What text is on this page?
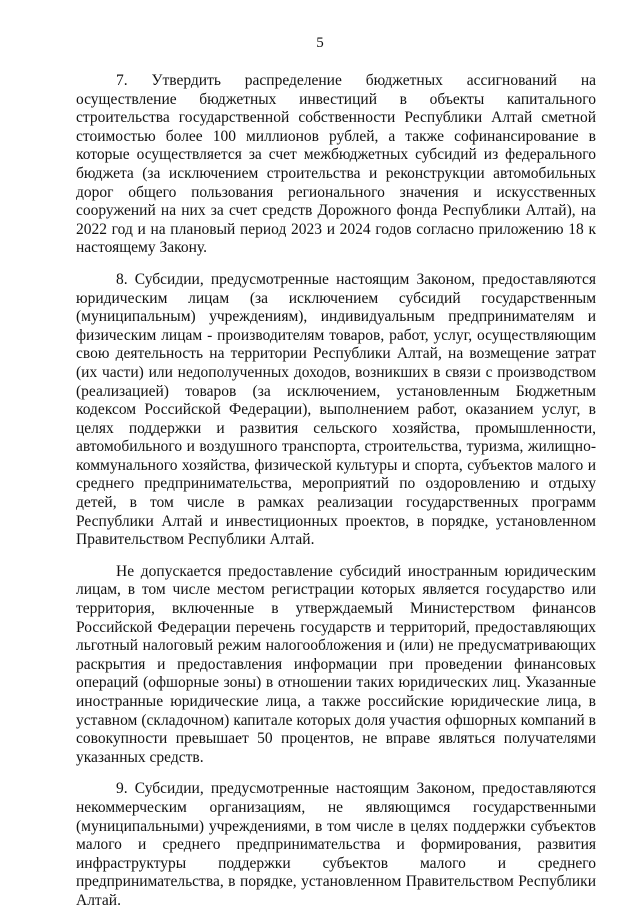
5

7. Утвердить распределение бюджетных ассигнований на осуществление бюджетных инвестиций в объекты капитального строительства государственной собственности Республики Алтай сметной стоимостью более 100 миллионов рублей, а также софинансирование в которые осуществляется за счет межбюджетных субсидий из федерального бюджета (за исключением строительства и реконструкции автомобильных дорог общего пользования регионального значения и искусственных сооружений на них за счет средств Дорожного фонда Республики Алтай), на 2022 год и на плановый период 2023 и 2024 годов согласно приложению 18 к настоящему Закону.

8. Субсидии, предусмотренные настоящим Законом, предоставляются юридическим лицам (за исключением субсидий государственным (муниципальным) учреждениям), индивидуальным предпринимателям и физическим лицам - производителям товаров, работ, услуг, осуществляющим свою деятельность на территории Республики Алтай, на возмещение затрат (их части) или недополученных доходов, возникших в связи с производством (реализацией) товаров (за исключением, установленным Бюджетным кодексом Российской Федерации), выполнением работ, оказанием услуг, в целях поддержки и развития сельского хозяйства, промышленности, автомобильного и воздушного транспорта, строительства, туризма, жилищно-коммунального хозяйства, физической культуры и спорта, субъектов малого и среднего предпринимательства, мероприятий по оздоровлению и отдыху детей, в том числе в рамках реализации государственных программ Республики Алтай и инвестиционных проектов, в порядке, установленном Правительством Республики Алтай.

Не допускается предоставление субсидий иностранным юридическим лицам, в том числе местом регистрации которых является государство или территория, включенные в утверждаемый Министерством финансов Российской Федерации перечень государств и территорий, предоставляющих льготный налоговый режим налогообложения и (или) не предусматривающих раскрытия и предоставления информации при проведении финансовых операций (офшорные зоны) в отношении таких юридических лиц. Указанные иностранные юридические лица, а также российские юридические лица, в уставном (складочном) капитале которых доля участия офшорных компаний в совокупности превышает 50 процентов, не вправе являться получателями указанных средств.

9. Субсидии, предусмотренные настоящим Законом, предоставляются некоммерческим организациям, не являющимся государственными (муниципальными) учреждениями, в том числе в целях поддержки субъектов малого и среднего предпринимательства и формирования, развития инфраструктуры поддержки субъектов малого и среднего предпринимательства, в порядке, установленном Правительством Республики Алтай.
